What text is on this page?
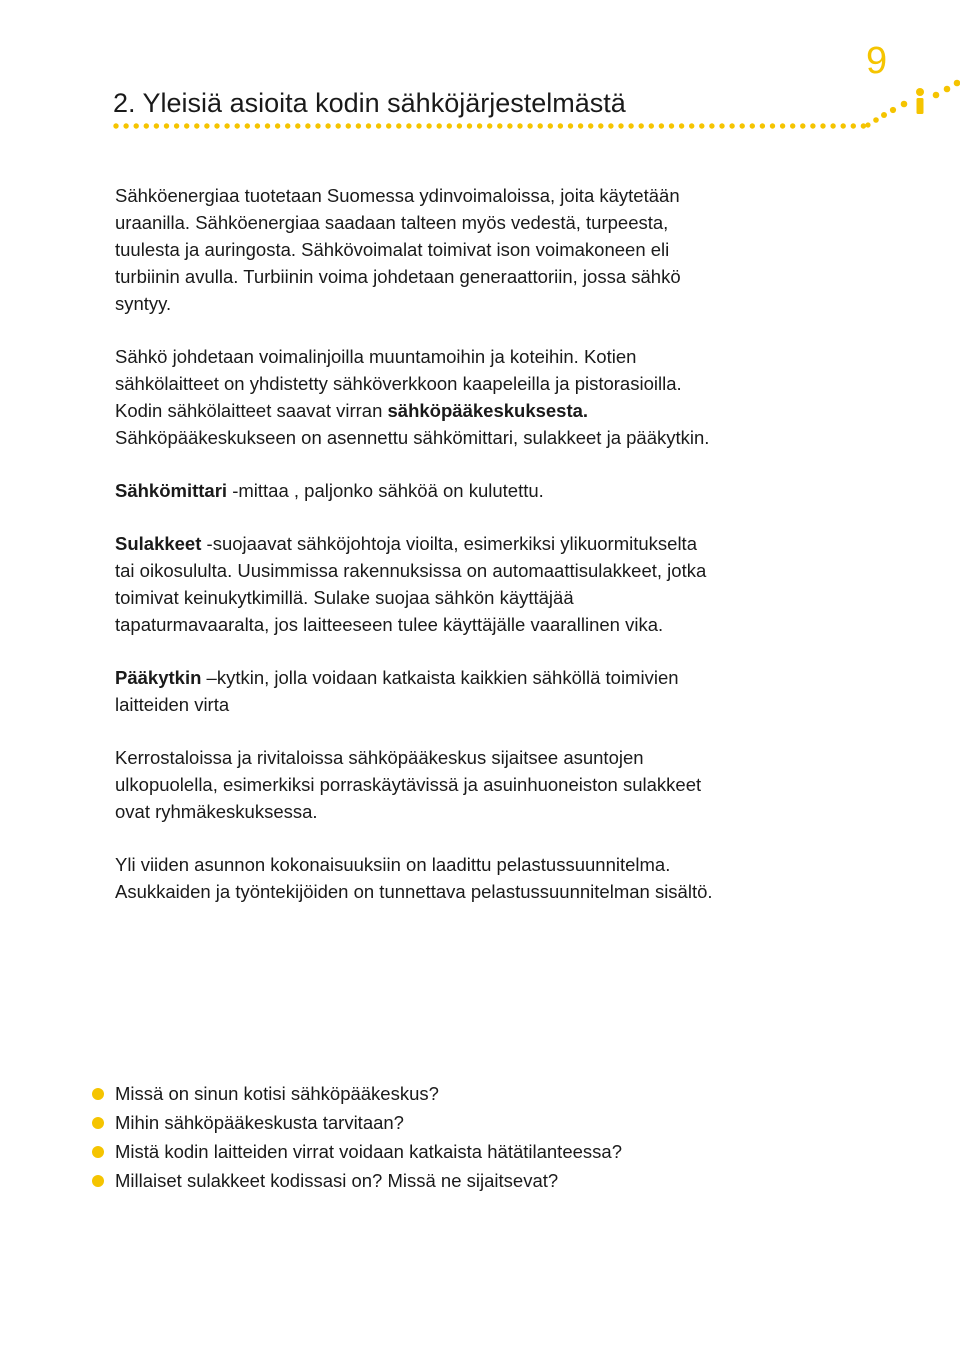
9
2. Yleisiä asioita kodin sähköjärjestelmästä

Sähköenergiaa tuotetaan Suomessa ydinvoimaloissa, joita käytetään uraanilla. Sähköenergiaa saadaan talteen myös vedestä, turpeesta, tuulesta ja auringosta. Sähkövoimalat toimivat ison voimakoneen eli turbiinin avulla. Turbiinin voima johdetaan generaattoriin, jossa sähkö syntyy.

Sähkö johdetaan voimalinjoilla muuntamoihin ja koteihin. Kotien sähkölaitteet on yhdistetty sähköverkkoon kaapeleilla ja pistorasioilla. Kodin sähkölaitteet saavat virran sähköpääkeskuksesta. Sähköpääkeskukseen on asennettu sähkömittari, sulakkeet ja pääkytkin.

Sähkömittari -mittaa , paljonko sähköä on kulutettu.

Sulakkeet -suojaavat sähköjohtoja vioilta, esimerkiksi ylikuormitukselta tai oikosululta. Uusimmissa rakennuksissa on automaattisulakkeet, jotka toimivat keinukytkimillä. Sulake suojaa sähkön käyttäjää tapaturmavaaralta, jos laitteeseen tulee käyttäjälle vaarallinen vika.

Pääkytkin –kytkin, jolla voidaan katkaista kaikkien sähköllä toimivien laitteiden virta

Kerrostaloissa ja rivitaloissa sähköpääkeskus sijaitsee asuntojen ulkopuolella, esimerkiksi porraskäytävissä ja asuinhuoneiston sulakkeet ovat ryhmäkeskuksessa.

Yli viiden asunnon kokonaisuuksiin on laadittu pelastussuunnitelma. Asukkaiden ja työntekijöiden on tunnettava pelastussuunnitelman sisältö.

Missä on sinun kotisi sähköpääkeskus?
Mihin sähköpääkeskusta tarvitaan?
Mistä kodin laitteiden virrat voidaan katkaista hätätilanteessa?
Millaiset sulakkeet kodissasi on? Missä ne sijaitsevat?
